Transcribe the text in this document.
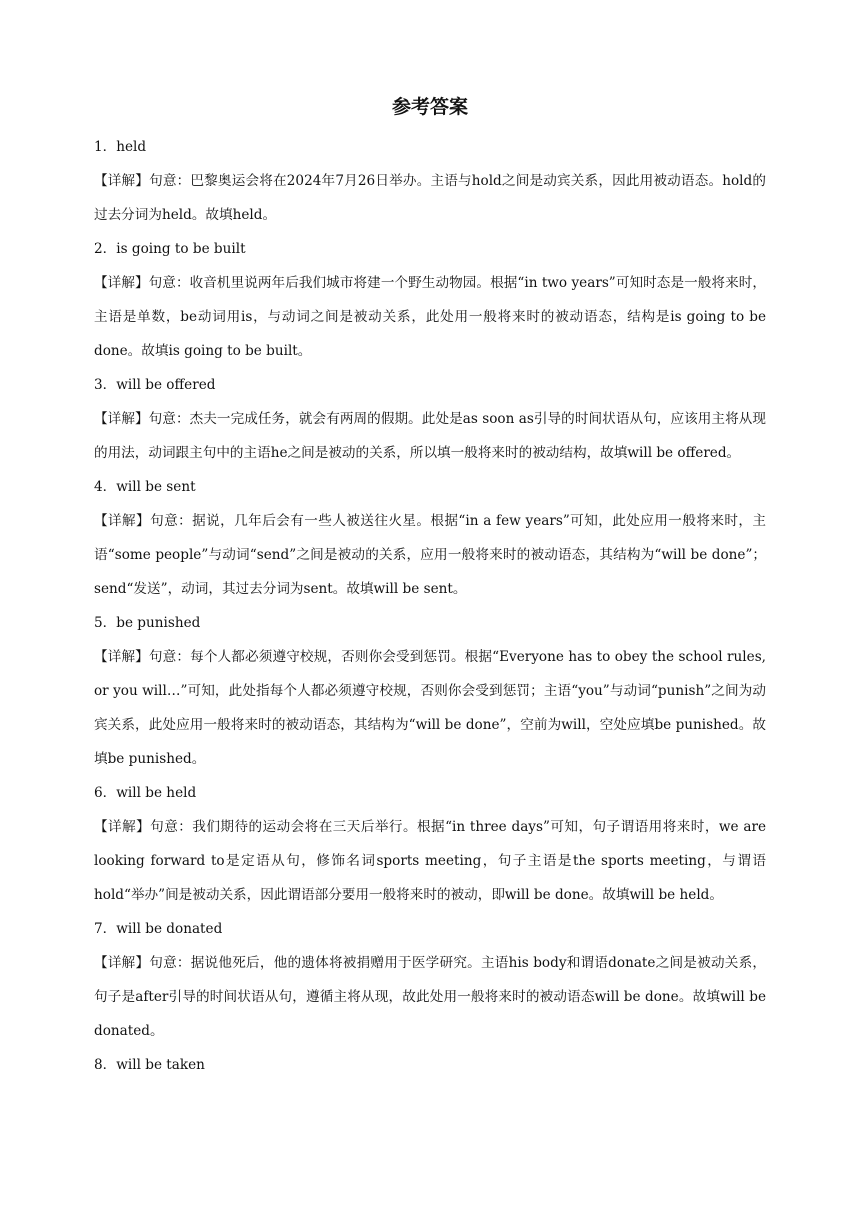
参考答案

1．held

【详解】句意：巴黎奥运会将在2024年7月26日举办。主语与hold之间是动宾关系，因此用被动语态。hold的过去分词为held。故填held。

2．is going to be built

【详解】句意：收音机里说两年后我们城市将建一个野生动物园。根据“in two years”可知时态是一般将来时，主语是单数，be动词用is，与动词之间是被动关系，此处用一般将来时的被动语态，结构是is going to be done。故填is going to be built。

3．will be offered

【详解】句意：杰夫一完成任务，就会有两周的假期。此处是as soon as引导的时间状语从句，应该用主将从现的用法，动词跟主句中的主语he之间是被动的关系，所以填一般将来时的被动结构，故填will be offered。

4．will be sent

【详解】句意：据说，几年后会有一些人被送往火星。根据“in a few years”可知，此处应用一般将来时，主语“some people”与动词“send”之间是被动的关系，应用一般将来时的被动语态，其结构为“will be done”；send“发送”，动词，其过去分词为sent。故填will be sent。

5．be punished

【详解】句意：每个人都必须遵守校规，否则你会受到惩罚。根据“Everyone has to obey the school rules, or you will…”可知，此处指每个人都必须遵守校规，否则你会受到惩罚；主语“you”与动词“punish”之间为动宾关系，此处应用一般将来时的被动语态，其结构为“will be done”，空前为will，空处应填be punished。故填be punished。

6．will be held

【详解】句意：我们期待的运动会将在三天后举行。根据“in three days”可知，句子谓语用将来时，we are looking forward to是定语从句，修饰名词sports meeting，句子主语是the sports meeting，与谓语hold“举办”间是被动关系，因此谓语部分要用一般将来时的被动，即will be done。故填will be held。

7．will be donated

【详解】句意：据说他死后，他的遗体将被捐赠用于医学研究。主语his body和谓语donate之间是被动关系，句子是after引导的时间状语从句，遵循主将从现，故此处用一般将来时的被动语态will be done。故填will be donated。

8．will be taken
